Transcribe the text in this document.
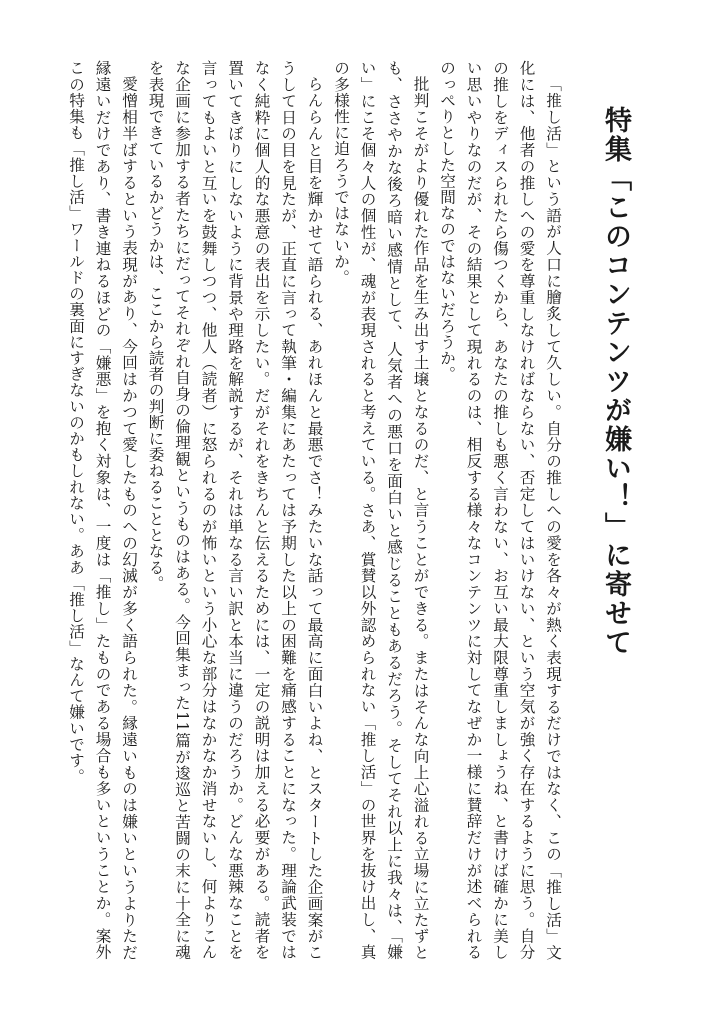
特集「このコンテンツが嫌い！」に寄せて

「推し活」という語が人口に膾炙して久しい。自分の推しへの愛を各々が熱く表現するだけではなく、この「推し活」文化には、他者の推しへの愛を尊重しなければならない、否定してはいけない、という空気が強く存在するように思う。自分の推しをディスられたら傷つくから、あなたの推しも悪く言わない、お互い最大限尊重しましょうね、と書けば確かに美しい思いやりなのだが、その結果として現れるのは、相反する様々なコンテンツに対してなぜか一様に賛辞だけが述べられるのっぺりとした空間なのではないだろうか。

批判こそがより優れた作品を生み出す土壌となるのだ、と言うことができる。またはそんな向上心溢れる立場に立たずとも、ささやかな後ろ暗い感情として、人気者への悪口を面白いと感じることもあるだろう。そしてそれ以上に我々は、「嫌い」にこそ個々人の個性が、魂が表現されると考えている。さあ、賞賛以外認められない「推し活」の世界を抜け出し、真の多様性に迫ろうではないか。

らんらんと目を輝かせて語られる、あれほんと最悪でさ！みたいな話って最高に面白いよね、とスタートした企画案がこうして日の目を見たが、正直に言って執筆・編集にあたっては予期した以上の困難を痛感することになった。理論武装ではなく純粋に個人的な悪意の表出を示したい。だがそれをきちんと伝えるためには、一定の説明は加える必要がある。読者を置いてきぼりにしないように背景や理路を解説するが、それは単なる言い訳と本当に違うのだろうか。どんな悪辣なことを言ってもよいと互いを鼓舞しつつ、他人（読者）に怒られるのが怖いという小心な部分はなかなか消せないし、何よりこんな企画に参加する者たちにだってそれぞれ自身の倫理観というものはある。今回集まった11篇が逡巡と苦闘の末に十全に魂を表現できているかどうかは、ここから読者の判断に委ねることとなる。

愛憎相半ばするという表現があり、今回はかつて愛したものへの幻滅が多く語られた。縁遠いものは嫌いというよりただ縁遠いだけであり、書き連ねるほどの「嫌悪」を抱く対象は、一度は「推し」たものである場合も多いということか。案外この特集も「推し活」ワールドの裏面にすぎないのかもしれない。ああ「推し活」なんて嫌いです。
